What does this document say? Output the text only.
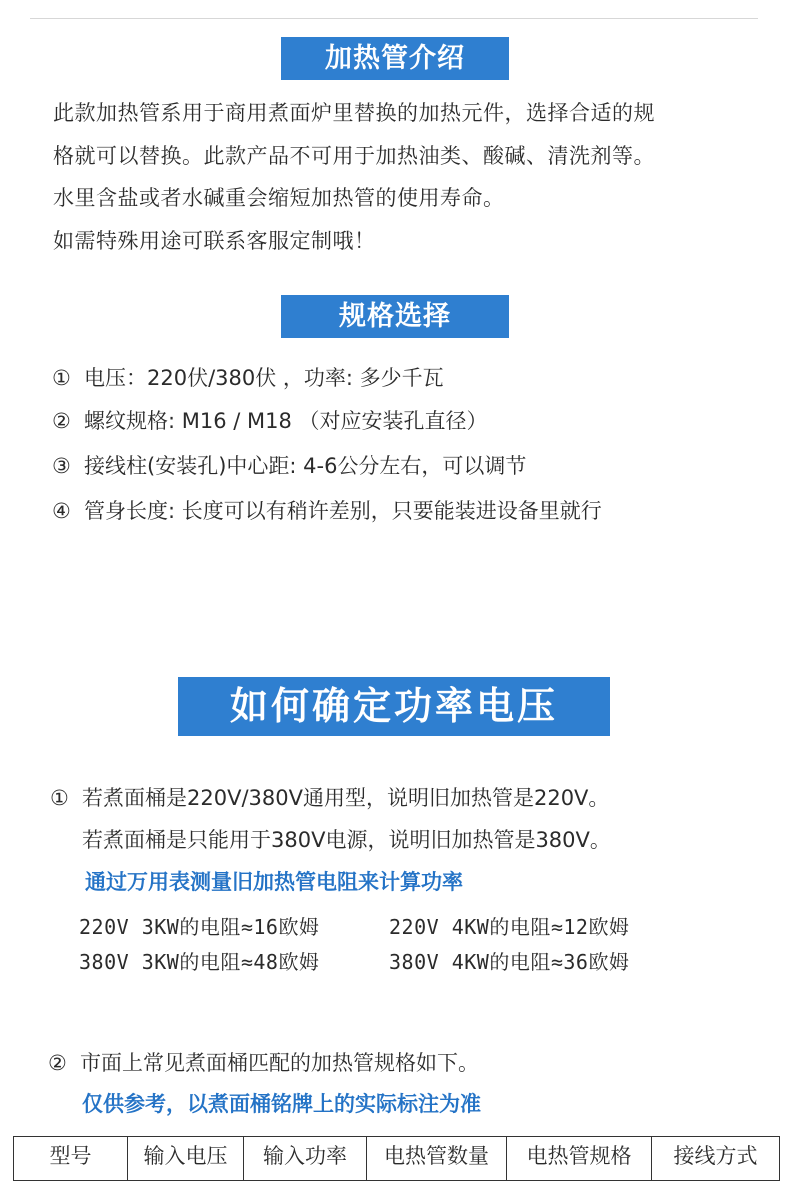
加热管介绍
此款加热管系用于商用煮面炉里替换的加热元件，选择合适的规
格就可以替换。此款产品不可用于加热油类、酸碱、清洗剂等。
水里含盐或者水碱重会缩短加热管的使用寿命。
如需特殊用途可联系客服定制哦！
规格选择
① 电压：220伏/380伏 ，功率: 多少千瓦
② 螺纹规格: M16 / M18 （对应安装孔直径）
③ 接线柱(安装孔)中心距: 4-6公分左右，可以调节
④ 管身长度: 长度可以有稍许差别，只要能装进设备里就行
如何确定功率电压
① 若煮面桶是220V/380V通用型，说明旧加热管是220V。
若煮面桶是只能用于380V电源，说明旧加热管是380V。
通过万用表测量旧加热管电阻来计算功率
220V 3KW的电阻≈16欧姆	220V 4KW的电阻≈12欧姆
380V 3KW的电阻≈48欧姆	380V 4KW的电阻≈36欧姆
② 市面上常见煮面桶匹配的加热管规格如下。
仅供参考，以煮面桶铭牌上的实际标注为准
型号	输入电压	输入功率	电热管数量	电热管规格	接线方式
